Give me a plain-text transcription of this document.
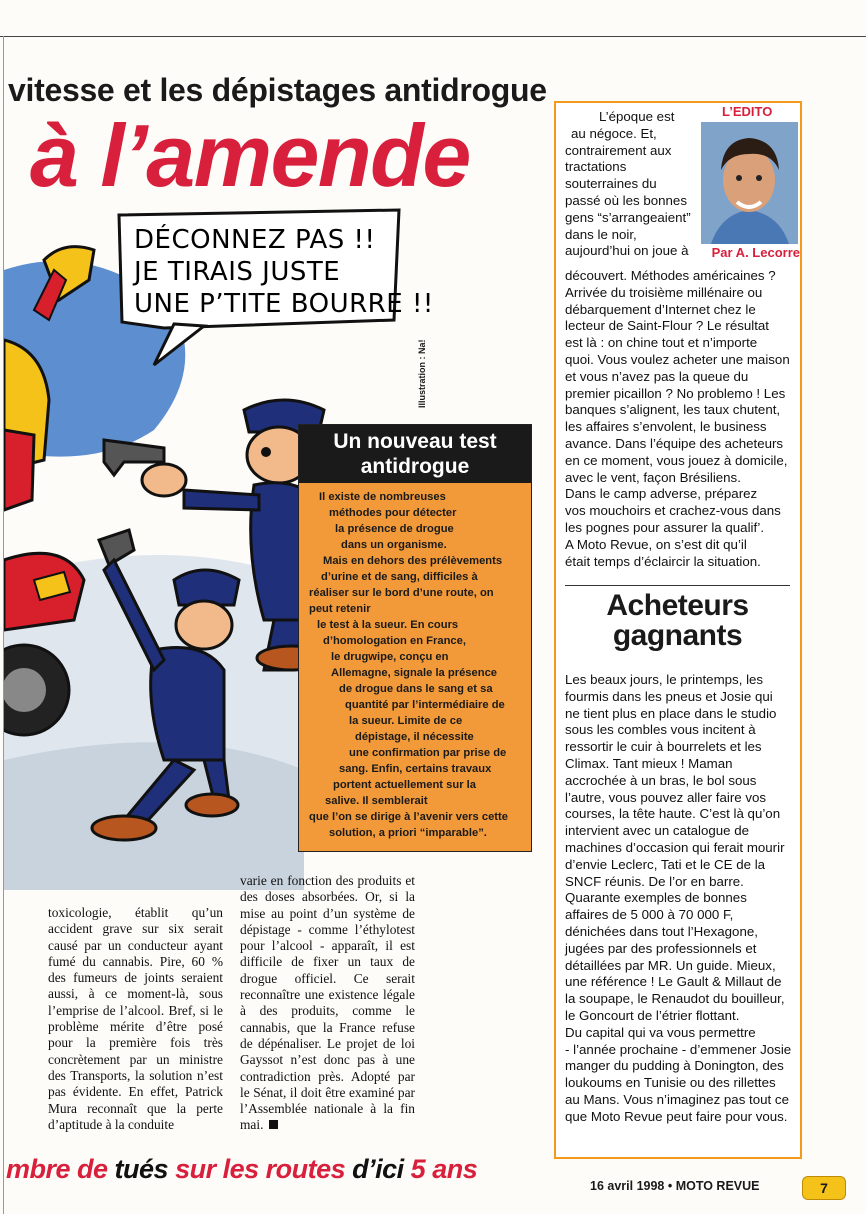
vitesse et les dépistages antidrogue
à l’amende
DÉCONNEZ PAS !!
JE TIRAIS JUSTE
UNE P’TITE BOURRE !!
Illustration : Na!
Un nouveau test
antidrogue

Il existe de nombreuses

méthodes pour détecter

la présence de drogue

dans un organisme.

Mais en dehors des prélèvements

d’urine et de sang, difficiles à

réaliser sur le bord d’une route, on

peut retenir

le test à la sueur. En cours

d’homologation en France,

le drugwipe, conçu en

Allemagne, signale la présence

de drogue dans le sang et sa

quantité par l’intermédiaire de

la sueur. Limite de ce

dépistage, il nécessite

une confirmation par prise de

sang. Enfin, certains travaux

portent actuellement sur la

salive. Il semblerait

que l’on se dirige à l’avenir vers cette

solution, a priori “imparable”.

toxicologie, établit qu’un accident grave sur six serait causé par un conducteur ayant fumé du cannabis. Pire, 60 % des fumeurs de joints seraient aussi, à ce moment-là, sous l’emprise de l’alcool. Bref, si le problème mérite d’être posé pour la première fois très concrètement par un ministre des Transports, la solution n’est pas évidente. En effet, Patrick Mura reconnaît que la perte d’aptitude à la conduite

varie en fonction des produits et des doses absorbées. Or, si la mise au point d’un système de dépistage - comme l’éthylotest pour l’alcool - apparaît, il est difficile de fixer un taux de drogue officiel. Ce serait reconnaître une existence légale à des produits, comme le cannabis, que la France refuse de dépénaliser. Le projet de loi Gayssot n’est donc pas à une contradiction près. Adopté par le Sénat, il doit être examiné par l’Assemblée nationale à la fin mai.

mbre de tués sur les routes d’ici 5 ans
L’EDITO
Par A. Lecorre

L’époque est

au négoce. Et,

contrairement aux

tractations

souterraines du

passé où les bonnes

gens “s’arrangeaient”

dans le noir,

aujourd’hui on joue à

découvert. Méthodes américaines ?

Arrivée du troisième millénaire ou

débarquement d’Internet chez le

lecteur de Saint-Flour ? Le résultat

est là : on chine tout et n’importe

quoi. Vous voulez acheter une maison

et vous n’avez pas la queue du

premier picaillon ? No problemo ! Les

banques s’alignent, les taux chutent,

les affaires s’envolent, le business

avance. Dans l’équipe des acheteurs

en ce moment, vous jouez à domicile,

avec le vent, façon Brésiliens.

Dans le camp adverse, préparez

vos mouchoirs et crachez-vous dans

les pognes pour assurer la qualif’.

A Moto Revue, on s’est dit qu’il

était temps d’éclaircir la situation.

Acheteurs
gagnants

Les beaux jours, le printemps, les

fourmis dans les pneus et Josie qui

ne tient plus en place dans le studio

sous les combles vous incitent à

ressortir le cuir à bourrelets et les

Climax. Tant mieux ! Maman

accrochée à un bras, le bol sous

l’autre, vous pouvez aller faire vos

courses, la tête haute. C’est là qu’on

intervient avec un catalogue de

machines d’occasion qui ferait mourir

d’envie Leclerc, Tati et le CE de la

SNCF réunis. De l’or en barre.

Quarante exemples de bonnes

affaires de 5 000 à 70 000 F,

dénichées dans tout l’Hexagone,

jugées par des professionnels et

détaillées par MR. Un guide. Mieux,

une référence ! Le Gault & Millaut de

la soupape, le Renaudot du bouilleur,

le Goncourt de l’étrier flottant.

Du capital qui va vous permettre

- l’année prochaine - d’emmener Josie

manger du pudding à Donington, des

loukoums en Tunisie ou des rillettes

au Mans. Vous n’imaginez pas tout ce

que Moto Revue peut faire pour vous.

16 avril 1998 • MOTO REVUE	7
